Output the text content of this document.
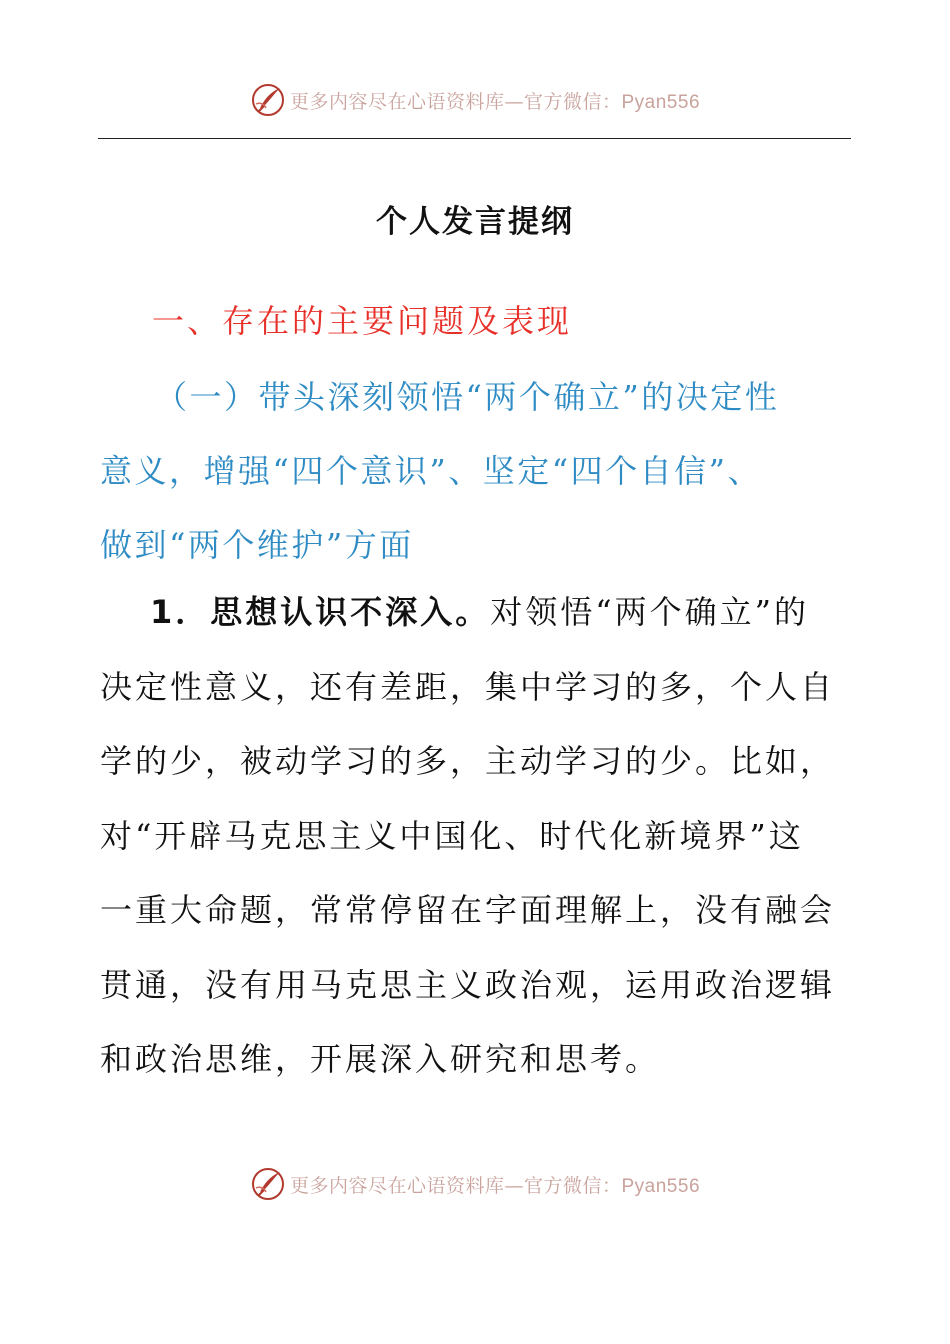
更多内容尽在心语资料库—官方微信：Pyan556
个人发言提纲
一、存在的主要问题及表现
（一）带头深刻领悟“两个确立”的决定性
意义，增强“四个意识”、坚定“四个自信”、
做到“两个维护”方面
1．思想认识不深入。对领悟“两个确立”的
决定性意义，还有差距，集中学习的多，个人自
学的少，被动学习的多，主动学习的少。比如，
对“开辟马克思主义中国化、时代化新境界”这
一重大命题，常常停留在字面理解上，没有融会
贯通，没有用马克思主义政治观，运用政治逻辑
和政治思维，开展深入研究和思考。
更多内容尽在心语资料库—官方微信：Pyan556
